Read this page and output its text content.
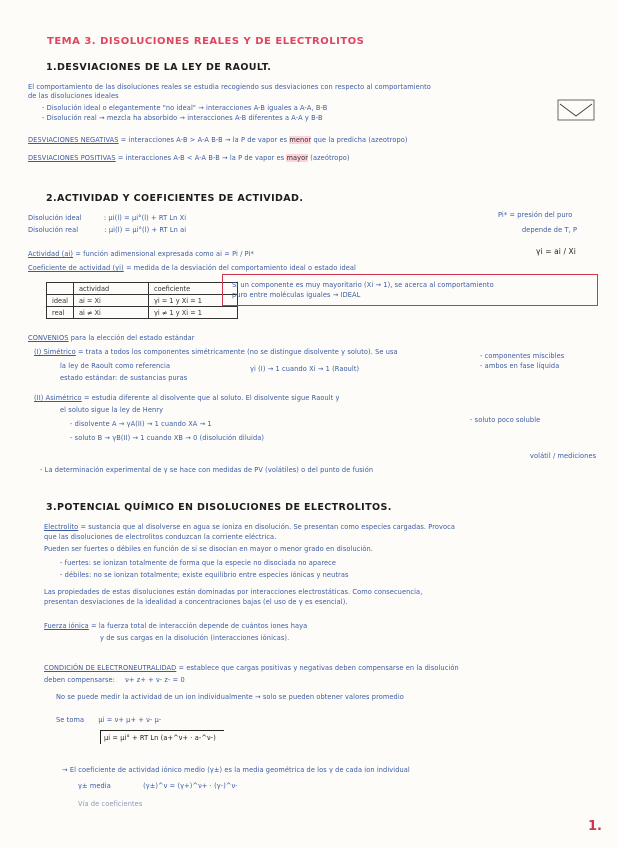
TEMA 3. DISOLUCIONES REALES Y DE ELECTROLITOS
1.DESVIACIONES DE LA LEY DE RAOULT.
El comportamiento de las disoluciones reales se estudia recogiendo sus desviaciones con respecto al comportamiento
de las disoluciones ideales
- Disolución ideal o elegantemente "no ideal" → interacciones A-B iguales a A-A, B-B
- Disolución real → mezcla ha absorbido → interacciones A-B diferentes a A-A y B-B
DESVIACIONES NEGATIVAS = interacciones A-B > A-A B-B → la P de vapor es menor que la predicha (azeotropo)
DESVIACIONES POSITIVAS = interacciones A-B < A-A B-B → la P de vapor es mayor (azeótropo)
2.ACTIVIDAD Y COEFICIENTES DE ACTIVIDAD.
Disolución ideal	: μi(l) = μi°(l) + RT Ln Xi
Disolución real	: μi(l) = μi°(l) + RT Ln ai
Pi* = presión del puro
depende de T, P
Actividad (ai) = función adimensional expresada como ai = Pi / Pi*	γi = ai / Xi
Coeficiente de actividad (γi) = medida de la desviación del comportamiento ideal o estado ideal
	actividad	coeficiente
ideal	ai = Xi	γi = 1 y Xi = 1
real	ai ≠ Xi	γi ≠ 1 y Xi = 1
Si un componente es muy mayoritario (Xi → 1), se acerca al comportamiento
puro entre moléculas iguales → IDEAL
CONVENIOS para la elección del estado estándar
(I) Simétrico = trata a todos los componentes simétricamente (no se distingue disolvente y soluto). Se usa
la ley de Raoult como referencia
estado estándar: de sustancias puras
γi (I) → 1 cuando Xi → 1 (Raoult)
- componentes miscibles
- ambos en fase líquida
(II) Asimétrico = estudia diferente al disolvente que al soluto. El disolvente sigue Raoult y
el soluto sigue la ley de Henry
- disolvente A → γA(II) → 1 cuando XA → 1
- soluto B → γB(II) → 1 cuando XB → 0 (disolución diluida)
- soluto poco soluble
volátil / mediciones
- La determinación experimental de γ se hace con medidas de PV (volátiles) o del punto de fusión
3.POTENCIAL QUÍMICO EN DISOLUCIONES DE ELECTROLITOS.
Electrolito = sustancia que al disolverse en agua se ioniza en disolución. Se presentan como especies cargadas. Provoca
que las disoluciones de electrolitos conduzcan la corriente eléctrica.
Pueden ser fuertes o débiles en función de si se disocian en mayor o menor grado en disolución.
- fuertes: se ionizan totalmente de forma que la especie no disociada no aparece
- débiles: no se ionizan totalmente; existe equilibrio entre especies iónicas y neutras
Las propiedades de estas disoluciones están dominadas por interacciones electrostáticas. Como consecuencia,
presentan desviaciones de la idealidad a concentraciones bajas (el uso de γ es esencial).
Fuerza iónica = la fuerza total de interacción depende de cuántos iones haya
y de sus cargas en la disolución (interacciones iónicas).
CONDICIÓN DE ELECTRONEUTRALIDAD = establece que cargas positivas y negativas deben compensarse en la disolución
deben compensarse: ν+ z+ + ν- z- = 0
No se puede medir la actividad de un ion individualmente → solo se pueden obtener valores promedio
Se toma μi = ν+ μ+ + ν- μ-
μi = μi° + RT Ln (a+^ν+ · a-^ν-)
→ El coeficiente de actividad iónico medio (γ±) es la media geométrica de los γ de cada ion individual
γ± media	(γ±)^ν = (γ+)^ν+ · (γ-)^ν-
Vía de coeficientes
1.
